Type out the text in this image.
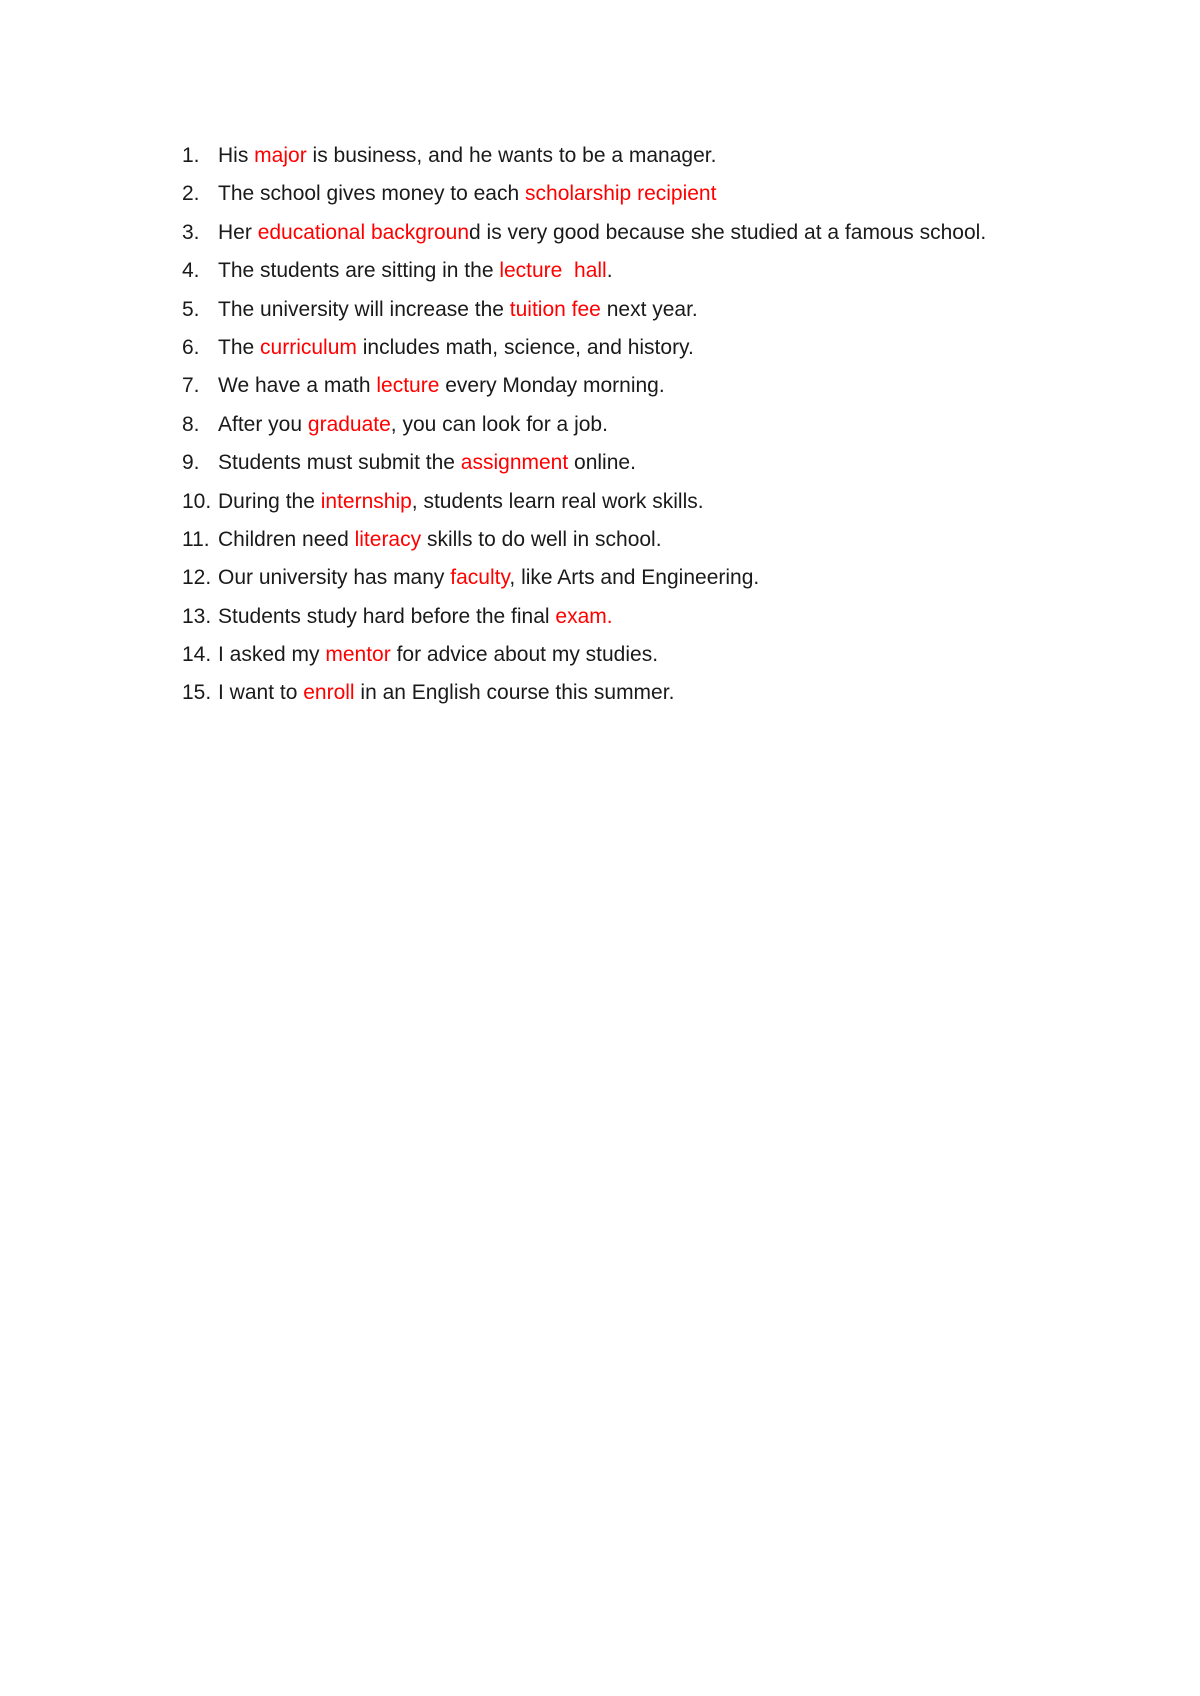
1. His major is business, and he wants to be a manager.
2. The school gives money to each scholarship recipient
3. Her educational background is very good because she studied at a famous school.
4. The students are sitting in the lecture  hall.
5. The university will increase the tuition fee next year.
6. The curriculum includes math, science, and history.
7. We have a math lecture every Monday morning.
8. After you graduate, you can look for a job.
9. Students must submit the assignment online.
10. During the internship, students learn real work skills.
11. Children need literacy skills to do well in school.
12. Our university has many faculty, like Arts and Engineering.
13. Students study hard before the final exam.
14. I asked my mentor for advice about my studies.
15. I want to enroll in an English course this summer.
